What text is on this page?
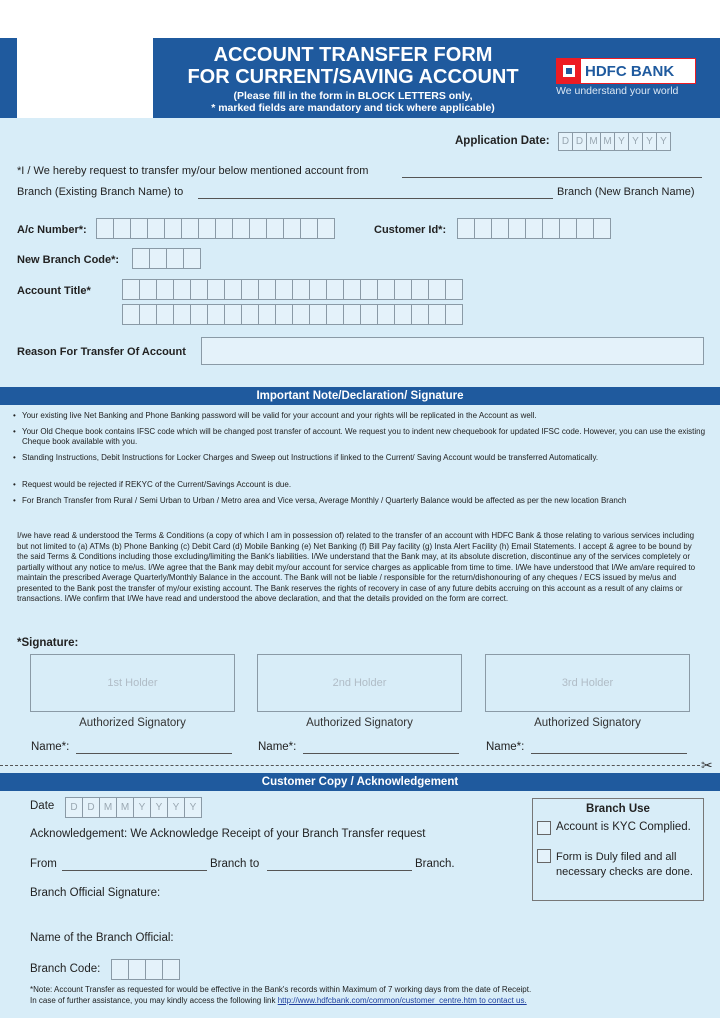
ACCOUNT TRANSFER FORM
FOR CURRENT/SAVING ACCOUNT
(Please fill in the form in BLOCK LETTERS only,
* marked fields are mandatory and tick where applicable)
HDFC BANK
We understand your world
Application Date:	D D M M Y Y Y Y
*I / We hereby request to transfer my/our below mentioned account from
Branch (Existing Branch Name) to	Branch (New Branch Name)
A/c Number*:	Customer Id*:
New Branch Code*:
Account Title*
Reason For Transfer Of Account
Important Note/Declaration/ Signature
• Your existing live Net Banking and Phone Banking password will be valid for your account and your rights will be replicated in the Account as well.
• Your Old Cheque book contains IFSC code which will be changed post transfer of account. We request you to indent new chequebook for updated IFSC code. However, you can use the existing Cheque book available with you.
• Standing Instructions, Debit Instructions for Locker Charges and Sweep out Instructions if linked to the Current/ Saving Account would be transferred Automatically.
• Request would be rejected if REKYC of the Current/Savings Account is due.
• For Branch Transfer from Rural / Semi Urban to Urban / Metro area and Vice versa, Average Monthly / Quarterly Balance would be affected as per the new location Branch
I/we have read & understood the Terms & Conditions (a copy of which I am in possession of) related to the transfer of an account with HDFC Bank & those relating to various services including but not limited to (a) ATMs (b) Phone Banking (c) Debit Card (d) Mobile Banking (e) Net Banking (f) Bill Pay facility (g) Insta Alert Facility (h) Email Statements. I accept & agree to be bound by the said Terms & Conditions including those excluding/limiting the Bank's liabilities. I/We understand that the Bank may, at its absolute discretion, discontinue any of the services completely or partially without any notice to me/us. I/We agree that the Bank may debit my/our account for service charges as applicable from time to time. I/We have understood that I/We am/are required to maintain the prescribed Average Quarterly/Monthly Balance in the account. The Bank will not be liable / responsible for the return/dishonouring of any cheques / ECS issued by me/us and presented to the Bank post the transfer of my/our existing account. The Bank reserves the rights of recovery in case of any future debits accruing on this account as a result of any claims or transactions. I/We confirm that I/We have read and understood the above declaration, and that the details provided on the form are correct.
*Signature:
1st Holder	2nd Holder	3rd Holder
Authorized Signatory	Authorized Signatory	Authorized Signatory
Name*:	Name*:	Name*:
✂
Customer Copy / Acknowledgement
Date	D D M M Y	Y	Y	Y
Acknowledgement: We Acknowledge Receipt of your Branch Transfer request
From	Branch to	Branch.
Branch Official Signature:
Name of the Branch Official:
Branch Code:
Branch Use
Account is KYC Complied.
Form is Duly filed and all necessary checks are done.
*Note: Account Transfer as requested for would be effective in the Bank's records within Maximum of 7 working days from the date of Receipt.
In case of further assistance, you may kindly access the following link http://www.hdfcbank.com/common/customer_centre.htm to contact us.
